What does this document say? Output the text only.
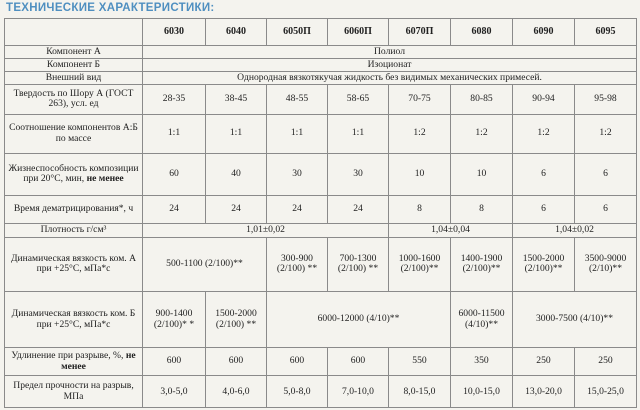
ТЕХНИЧЕСКИЕ ХАРАКТЕРИСТИКИ:
	6030	6040	6050П	6060П	6070П	6080	6090	6095
Компонент А	Полиол							
Компонент Б	Изоционат							
Внешний вид	Однородная вязкотякучая жидкость без видимых механических примесей.							
Твердость по Шору А (ГОСТ 263), усл. ед	28-35	38-45	48-55	58-65	70-75	80-85	90-94	95-98
Соотношение компонентов А:Б по массе	1:1	1:1	1:1	1:1	1:2	1:2	1:2	1:2
Жизнеспособность композиции при 20°С, мин, не менее	60	40	30	30	10	10	6	6
Время дематрицирования*, ч	24	24	24	24	8	8	6	6
Плотность г/см³	1,01±0,02				1,04±0,04		1,04±0,02	
Динамическая вязкость ком. А при +25°С, мПа*с	500-1100 (2/100)**		300-900 (2/100) **	700-1300 (2/100) **	1000-1600 (2/100)**	1400-1900 (2/100)**	1500-2000 (2/100)**	3500-9000 (2/10)**
Динамическая вязкость ком. Б при +25°С, мПа*с	900-1400 (2/100)* *	1500-2000 (2/100) **	6000-12000 (4/10)**			6000-11500 (4/10)**	3000-7500 (4/10)**	
Удлинение при разрыве, %, не менее	600	600	600	600	550	350	250	250
Предел прочности на разрыв, МПа	3,0-5,0	4,0-6,0	5,0-8,0	7,0-10,0	8,0-15,0	10,0-15,0	13,0-20,0	15,0-25,0
